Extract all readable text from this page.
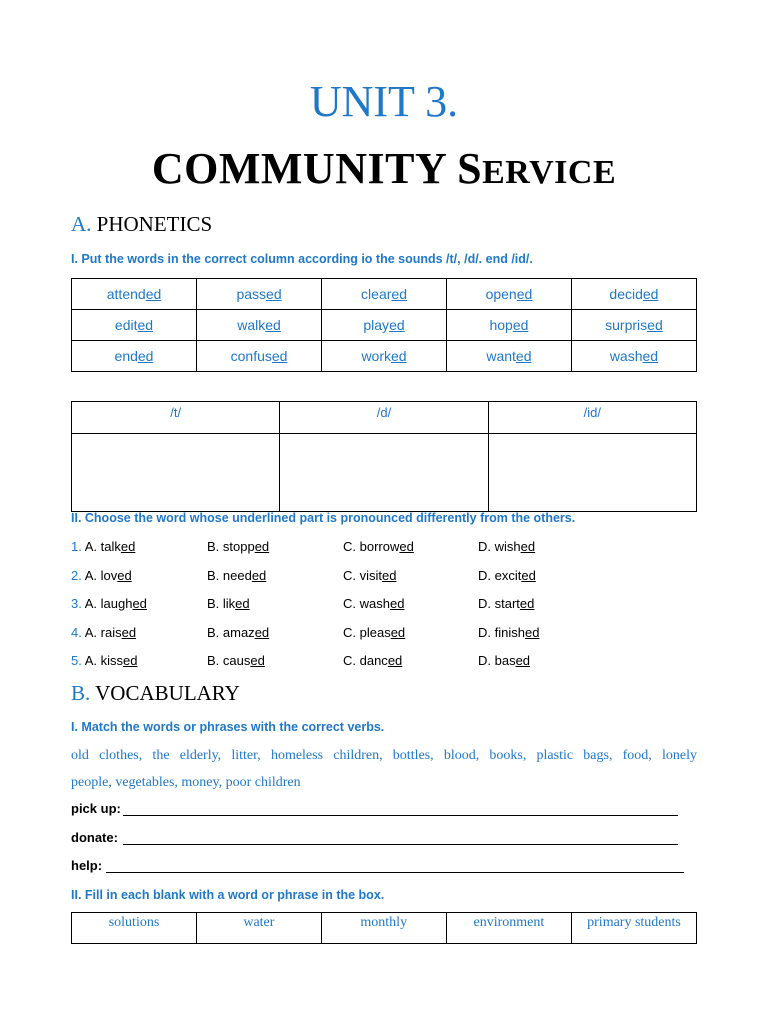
UNIT 3.
COMMUNITY SERVICE
A. PHONETICS
I. Put the words in the correct column according io the sounds /t/, /d/. end /id/.
attended	passed	cleared	opened	decided
edited	walked	played	hoped	surprised
ended	confused	worked	wanted	washed
/t/	/d/	/id/

II. Choose the word whose underlined part is pronounced differently from the others.
1. A. talked	B. stopped	C. borrowed	D. wished
2. A. loved	B. needed	C. visited	D. excited
3. A. laughed	B. liked	C. washed	D. started
4. A. raised	B. amazed	C. pleased	D. finished
5. A. kissed	B. caused	C. danced	D. based
B. VOCABULARY
I. Match the words or phrases with the correct verbs.
old clothes, the elderly, litter, homeless children, bottles, blood, books, plastic bags, food, lonely
people, vegetables, money, poor children
pick up:
donate:
help:
II. Fill in each blank with a word or phrase in the box.
solutions	water	monthly	environment	primary students
